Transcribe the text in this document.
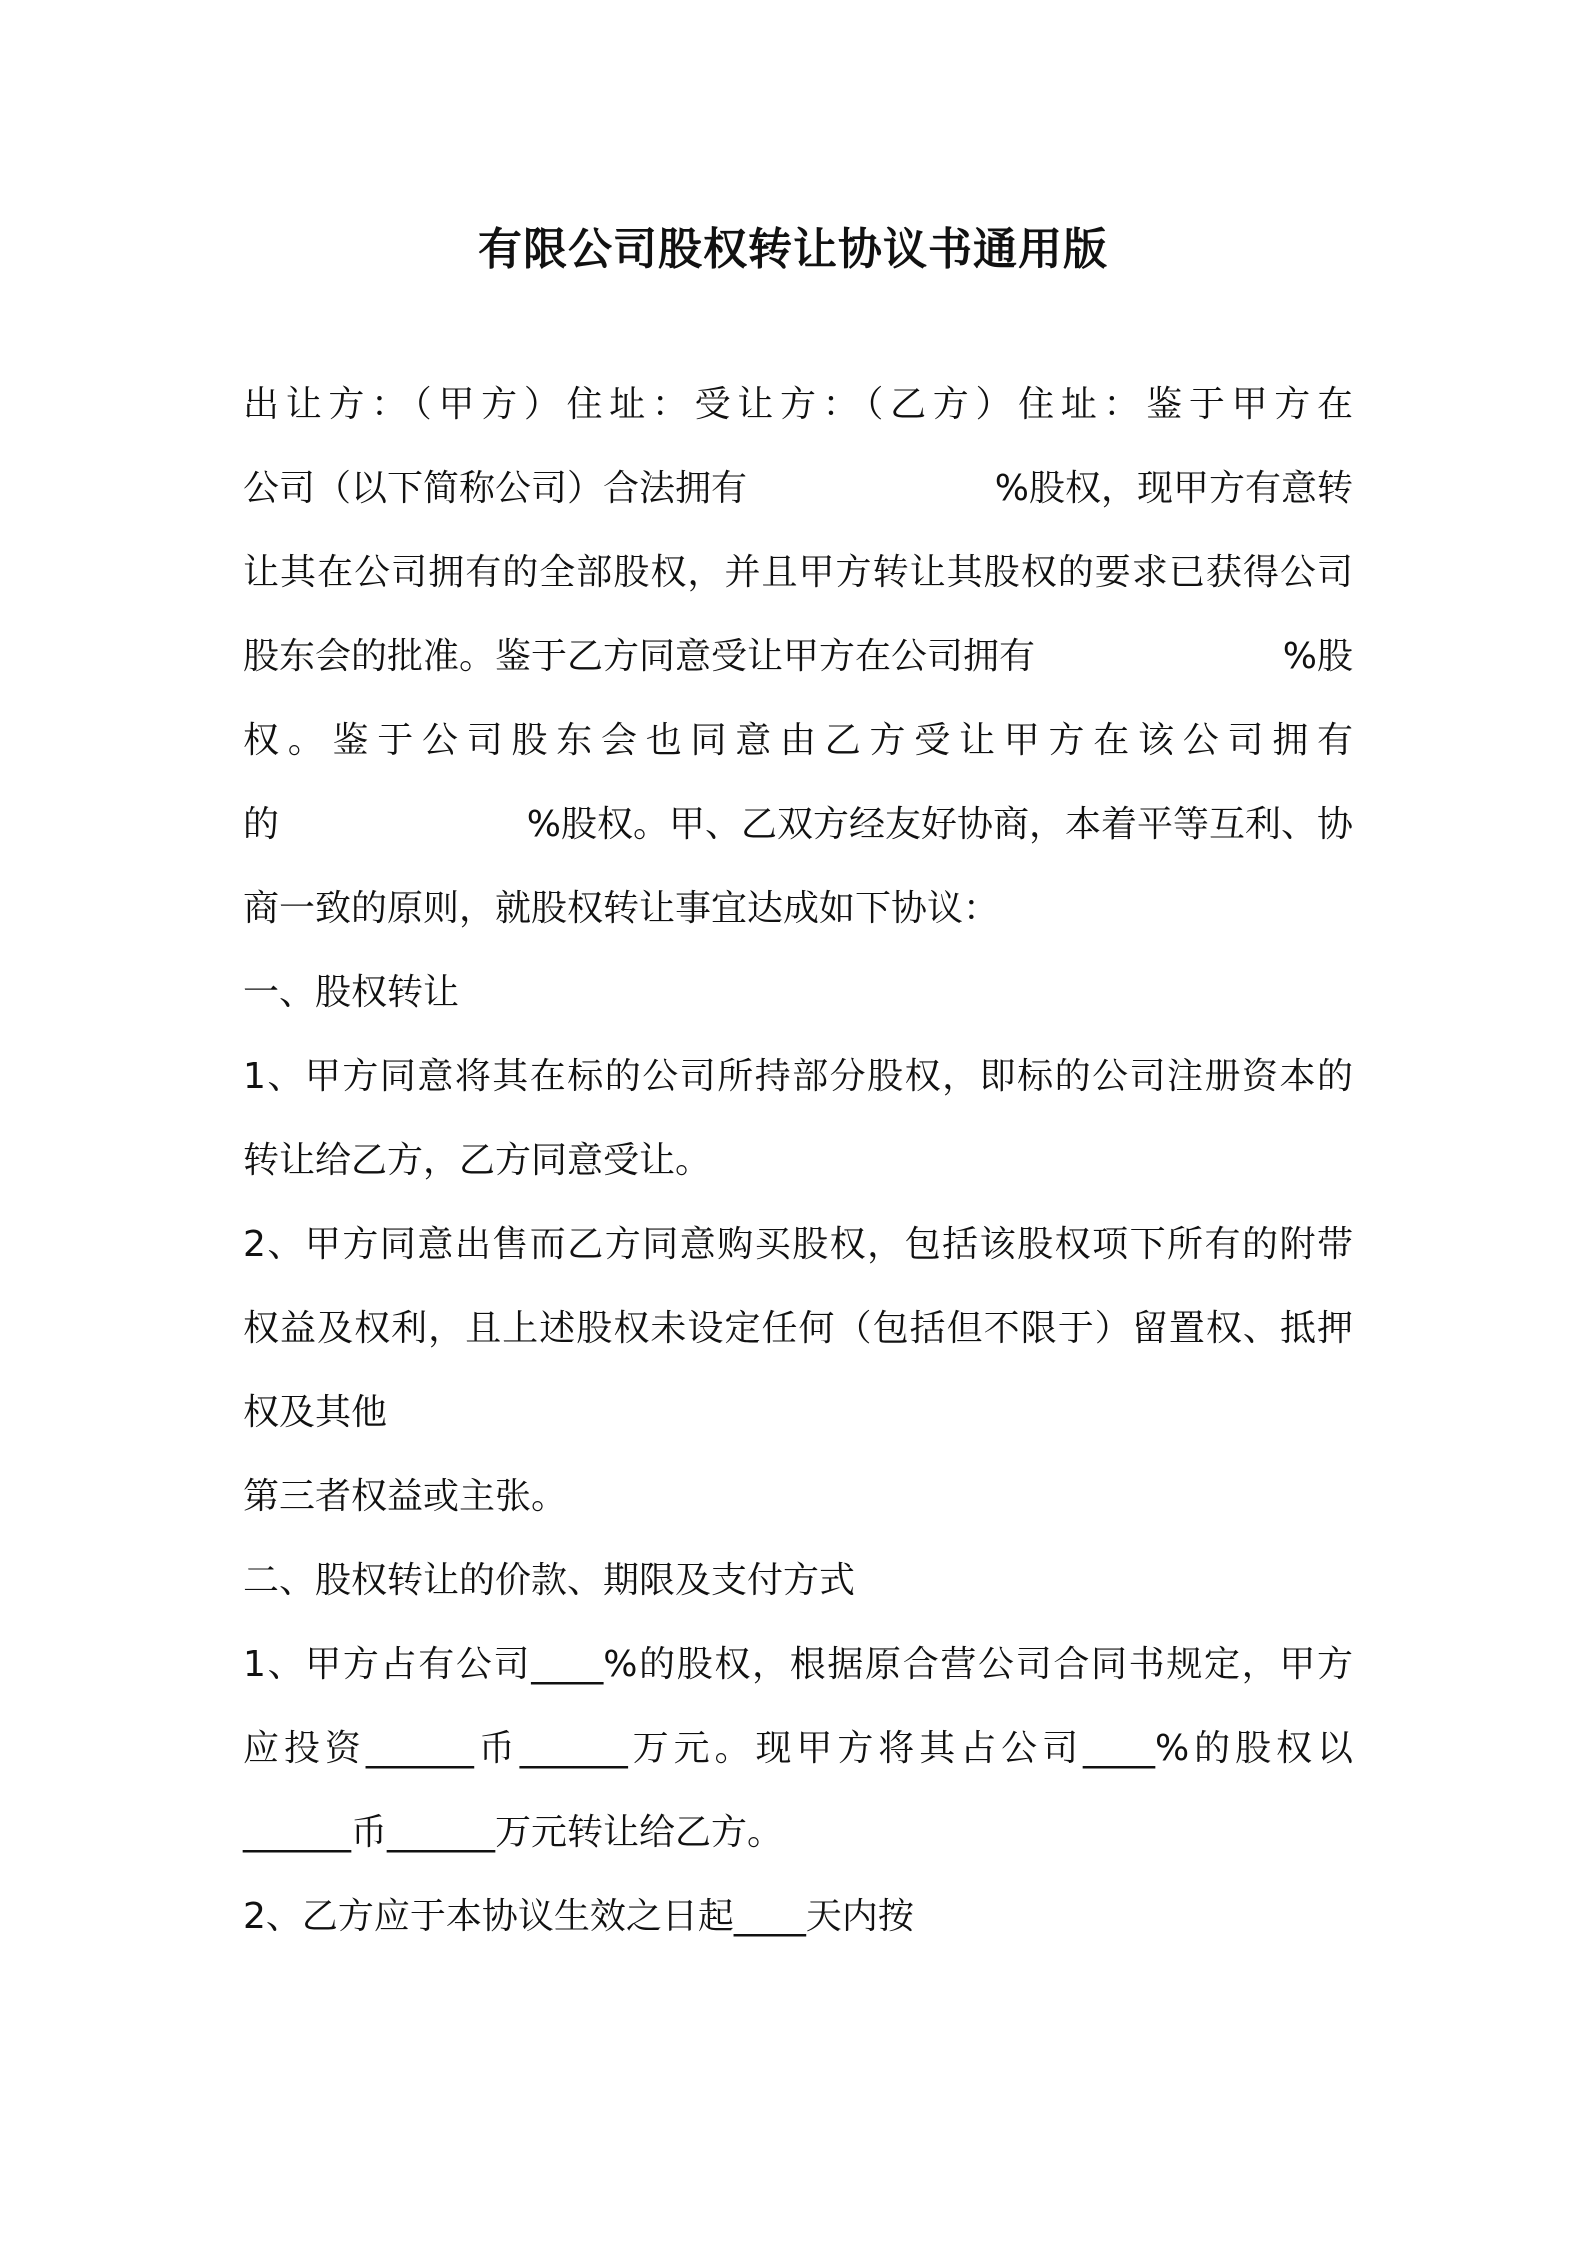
有限公司股权转让协议书通用版
出让方：（甲方）住址：受让方：（乙方）住址：鉴于甲方在
公司（以下简称公司）合法拥有	%股权，现甲方有意转
让其在公司拥有的全部股权，并且甲方转让其股权的要求已获得公司
股东会的批准。鉴于乙方同意受让甲方在公司拥有	%股
权。鉴于公司股东会也同意由乙方受让甲方在该公司拥有
的	%股权。甲、乙双方经友好协商，本着平等互利、协
商一致的原则，就股权转让事宜达成如下协议：
一、股权转让
1、甲方同意将其在标的公司所持部分股权，即标的公司注册资本的
转让给乙方，乙方同意受让。
2、甲方同意出售而乙方同意购买股权，包括该股权项下所有的附带
权益及权利，且上述股权未设定任何（包括但不限于）留置权、抵押
权及其他
第三者权益或主张。
二、股权转让的价款、期限及支付方式
1、甲方占有公司____%的股权，根据原合营公司合同书规定，甲方
应投资______币______万元。现甲方将其占公司____%的股权以
______币______万元转让给乙方。
2、乙方应于本协议生效之日起____天内按
